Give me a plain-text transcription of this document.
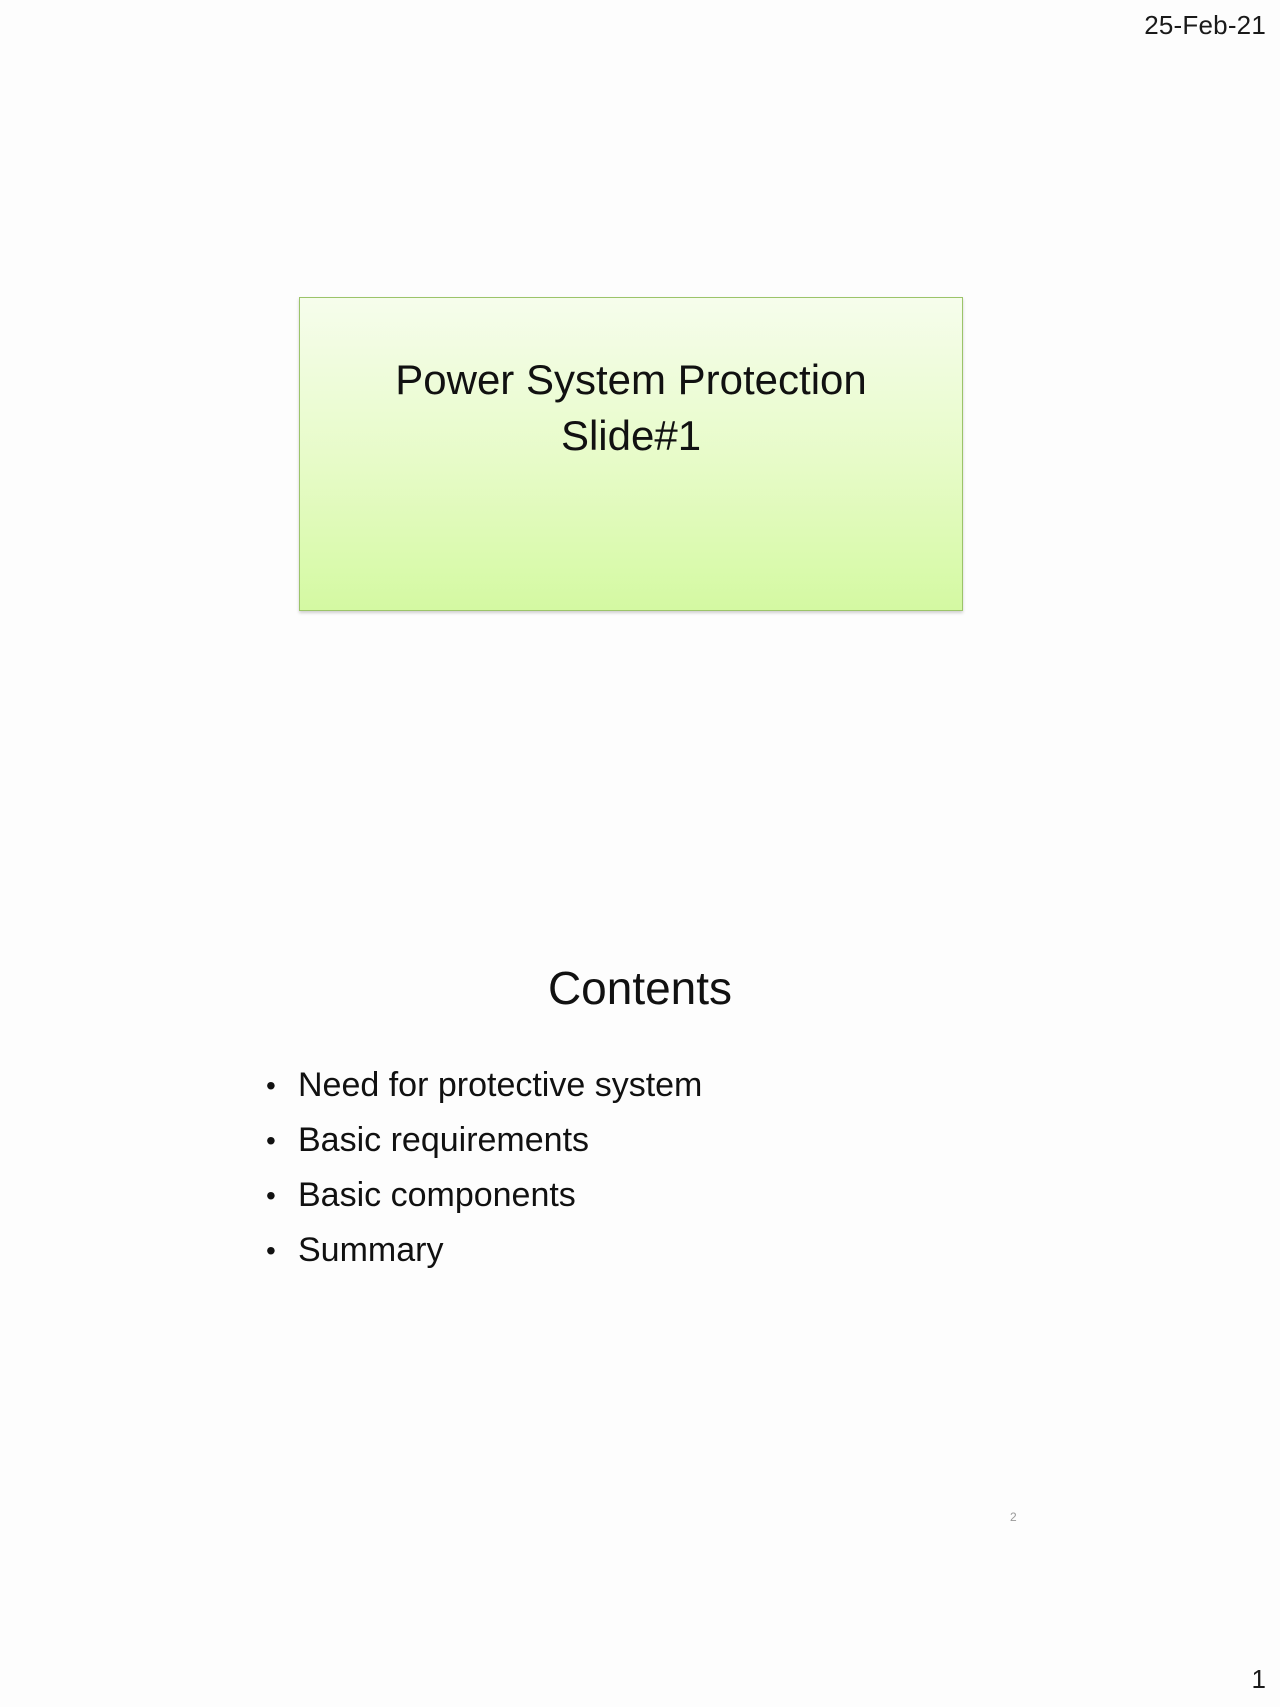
25-Feb-21
Power System Protection
Slide#1
Contents
• Need for protective system
• Basic requirements
• Basic components
• Summary
2
1
